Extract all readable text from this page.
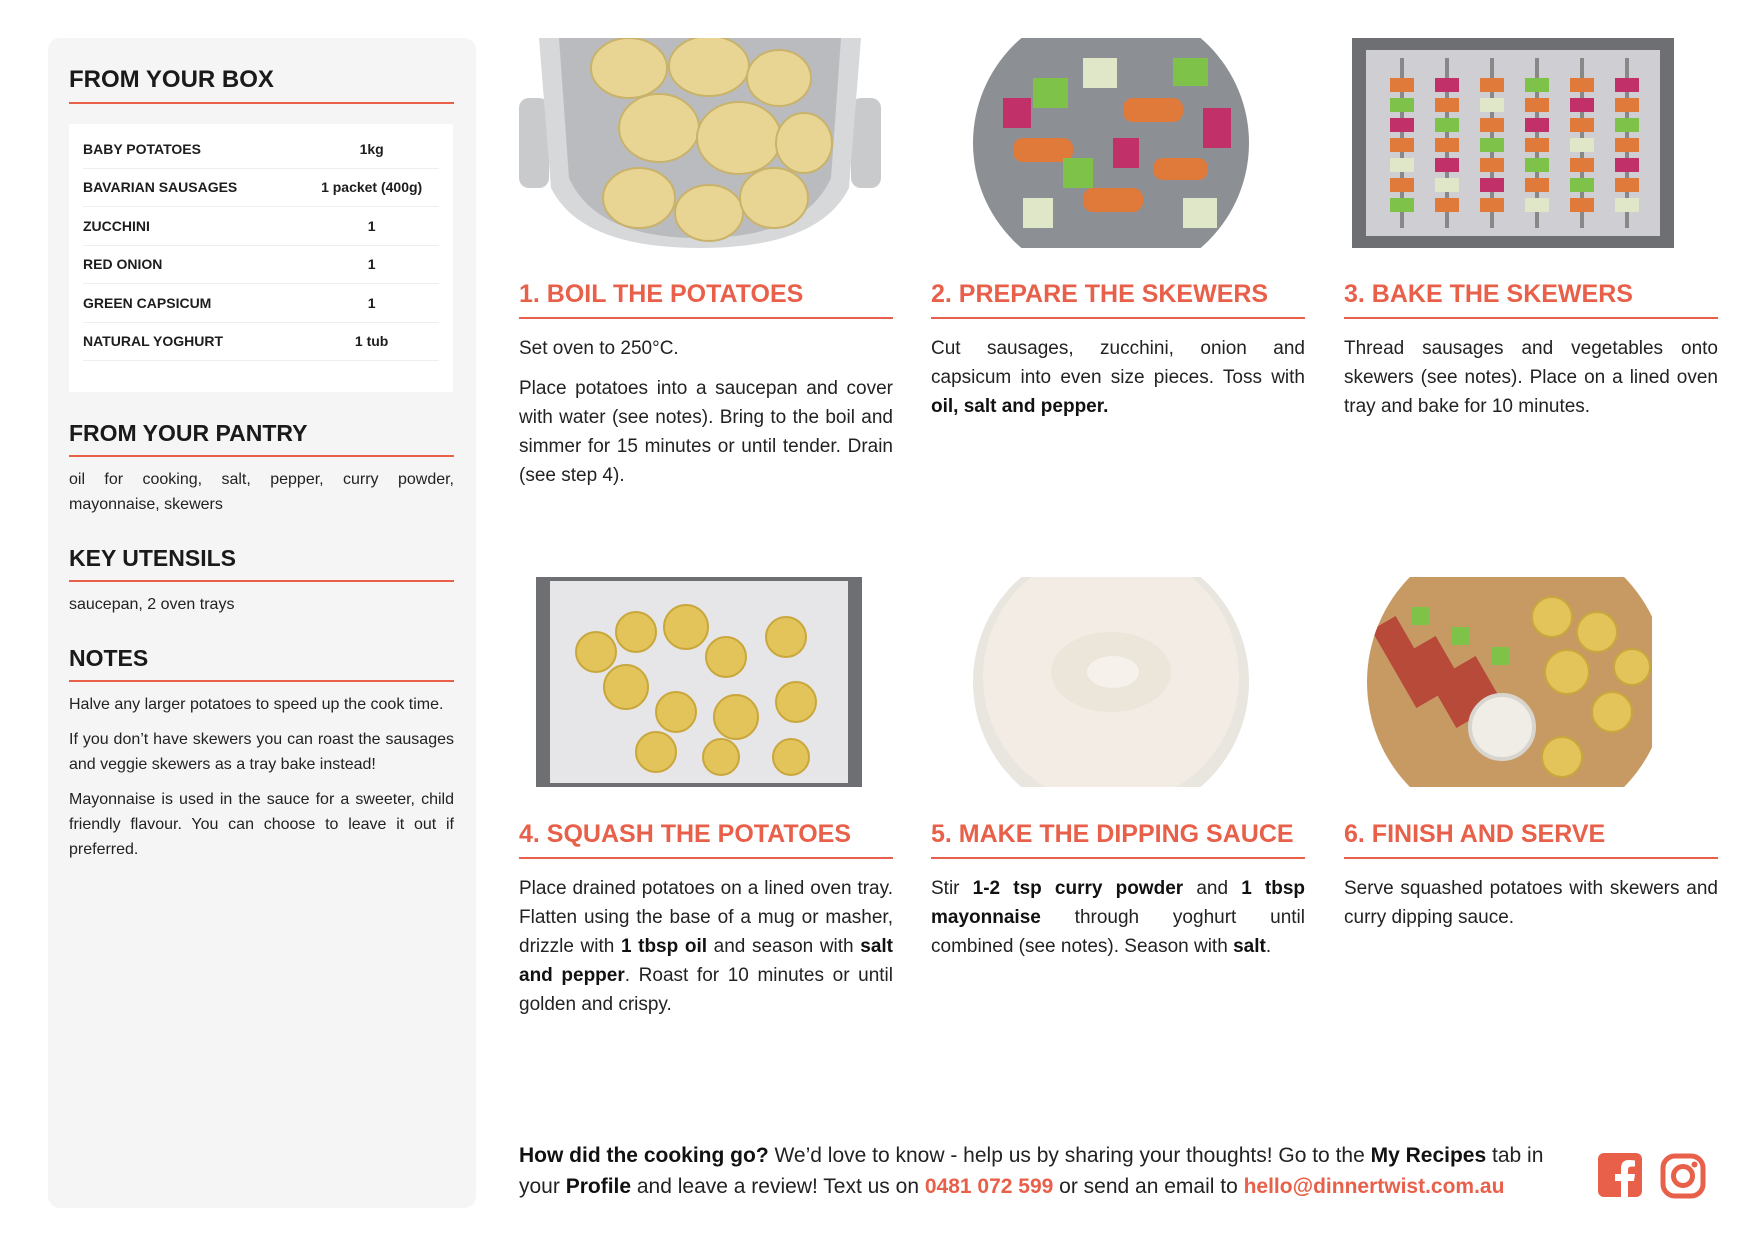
FROM YOUR BOX
BABY POTATOES	1kg
BAVARIAN SAUSAGES	1 packet (400g)
ZUCCHINI	1
RED ONION	1
GREEN CAPSICUM	1
NATURAL YOGHURT	1 tub
FROM YOUR PANTRY

oil for cooking, salt, pepper, curry powder, mayonnaise, skewers

KEY UTENSILS

saucepan, 2 oven trays

NOTES

Halve any larger potatoes to speed up the cook time.

If you don’t have skewers you can roast the sausages and veggie skewers as a tray bake instead!

Mayonnaise is used in the sauce for a sweeter, child friendly flavour. You can choose to leave it out if preferred.

1. BOIL THE POTATOES

Set oven to 250°C.

Place potatoes into a saucepan and cover with water (see notes). Bring to the boil and simmer for 15 minutes or until tender. Drain (see step 4).

2. PREPARE THE SKEWERS

Cut sausages, zucchini, onion and capsicum into even size pieces. Toss with oil, salt and pepper.

3. BAKE THE SKEWERS

Thread sausages and vegetables onto skewers (see notes). Place on a lined oven tray and bake for 10 minutes.

4. SQUASH THE POTATOES

Place drained potatoes on a lined oven tray. Flatten using the base of a mug or masher, drizzle with 1 tbsp oil and season with salt and pepper. Roast for 10 minutes or until golden and crispy.

5. MAKE THE DIPPING SAUCE

Stir 1-2 tsp curry powder and 1 tbsp mayonnaise through yoghurt until combined (see notes). Season with salt.

6. FINISH AND SERVE

Serve squashed potatoes with skewers and curry dipping sauce.

How did the cooking go? We’d love to know - help us by sharing your thoughts! Go to the My Recipes tab in your Profile and leave a review! Text us on 0481 072 599 or send an email to hello@dinnertwist.com.au
